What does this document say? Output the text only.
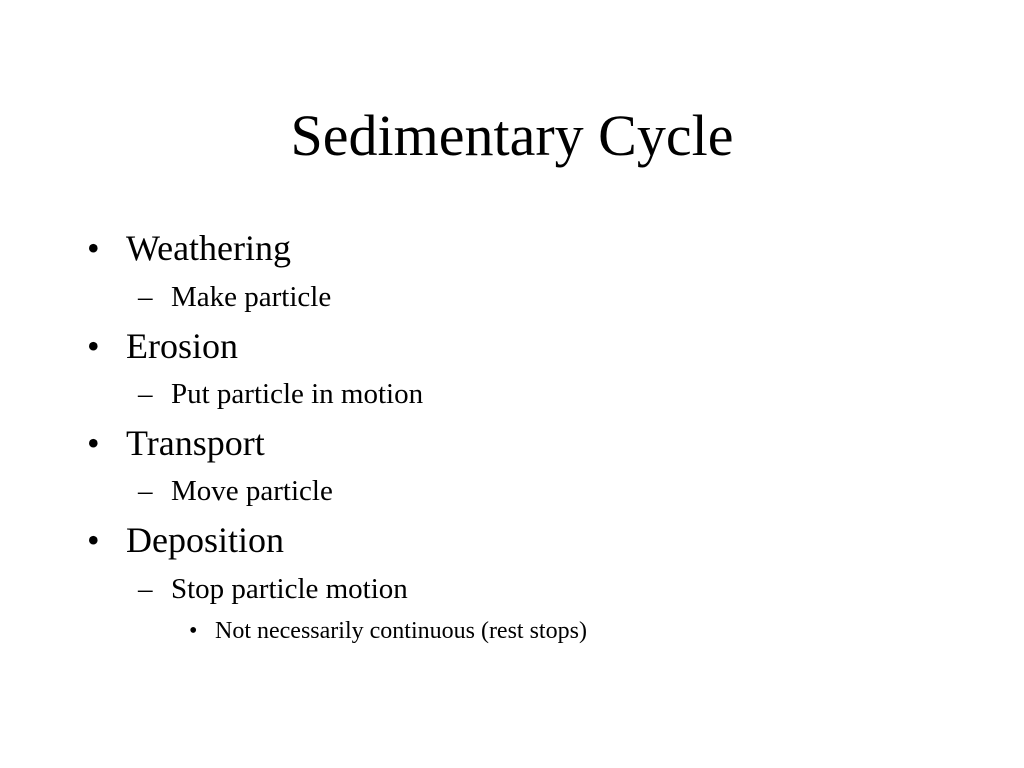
Sedimentary Cycle
• Weathering
– Make particle
• Erosion
– Put particle in motion
• Transport
– Move particle
• Deposition
– Stop particle motion
• Not necessarily continuous (rest stops)
